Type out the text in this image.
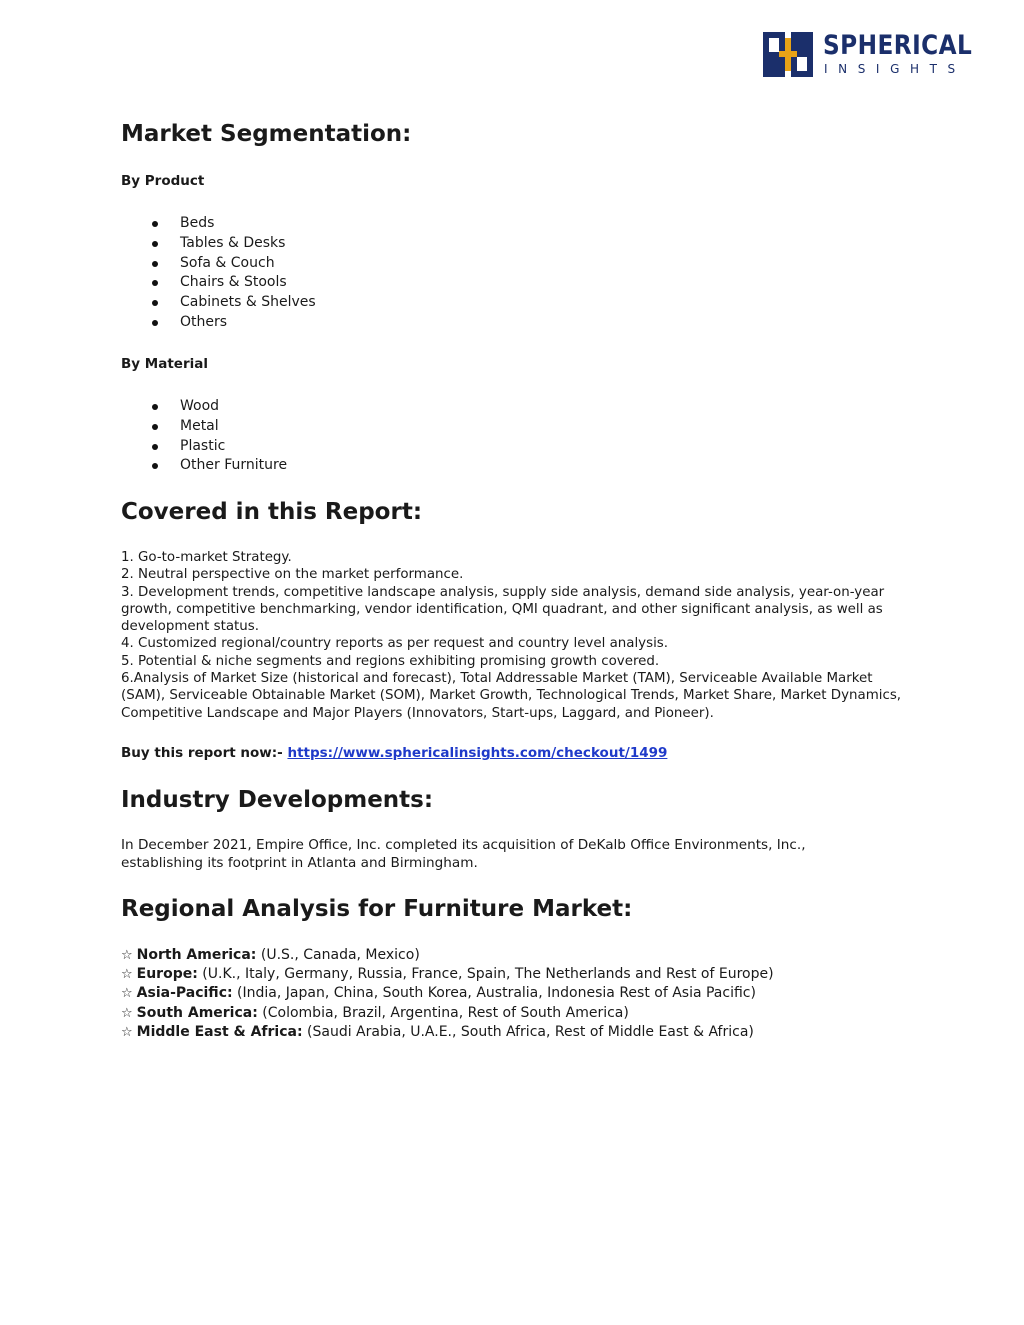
SPHERICAL
INSIGHTS
Market Segmentation:
By Product
Beds
Tables & Desks
Sofa & Couch
Chairs & Stools
Cabinets & Shelves
Others
By Material
Wood
Metal
Plastic
Other Furniture
Covered in this Report:
1. Go-to-market Strategy.
2. Neutral perspective on the market performance.
3. Development trends, competitive landscape analysis, supply side analysis, demand side analysis, year-on-year growth, competitive benchmarking, vendor identification, QMI quadrant, and other significant analysis, as well as development status.
4. Customized regional/country reports as per request and country level analysis.
5. Potential & niche segments and regions exhibiting promising growth covered.
6.Analysis of Market Size (historical and forecast), Total Addressable Market (TAM), Serviceable Available Market (SAM), Serviceable Obtainable Market (SOM), Market Growth, Technological Trends, Market Share, Market Dynamics, Competitive Landscape and Major Players (Innovators, Start-ups, Laggard, and Pioneer).
Buy this report now:- https://www.sphericalinsights.com/checkout/1499
Industry Developments:

In December 2021, Empire Office, Inc. completed its acquisition of DeKalb Office Environments, Inc., establishing its footprint in Atlanta and Birmingham.

Regional Analysis for Furniture Market:
☆ North America: (U.S., Canada, Mexico)
☆ Europe: (U.K., Italy, Germany, Russia, France, Spain, The Netherlands and Rest of Europe)
☆ Asia-Pacific: (India, Japan, China, South Korea, Australia, Indonesia Rest of Asia Pacific)
☆ South America: (Colombia, Brazil, Argentina, Rest of South America)
☆ Middle East & Africa: (Saudi Arabia, U.A.E., South Africa, Rest of Middle East & Africa)
